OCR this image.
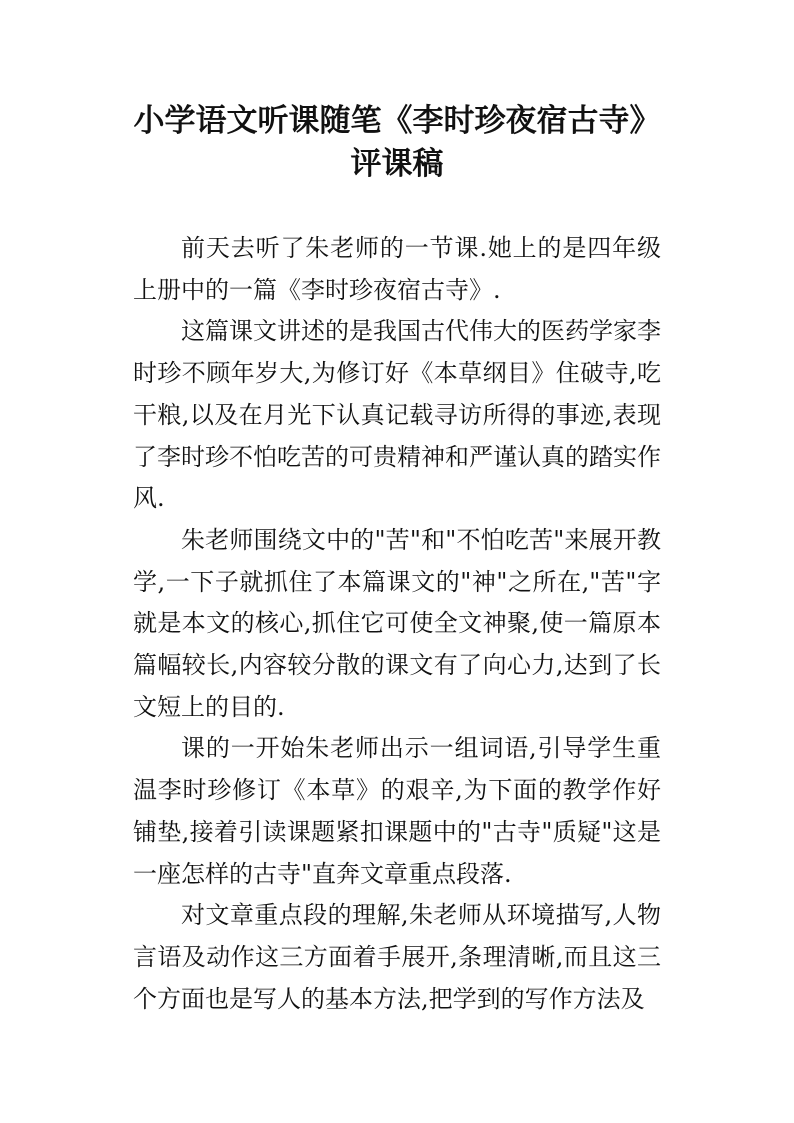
小学语文听课随笔《李时珍夜宿古寺》
评课稿

前天去听了朱老师的一节课.她上的是四年级上册中的一篇《李时珍夜宿古寺》.

这篇课文讲述的是我国古代伟大的医药学家李时珍不顾年岁大,为修订好《本草纲目》住破寺,吃干粮,以及在月光下认真记载寻访所得的事迹,表现了李时珍不怕吃苦的可贵精神和严谨认真的踏实作风.

朱老师围绕文中的"苦"和"不怕吃苦"来展开教学,一下子就抓住了本篇课文的"神"之所在,"苦"字就是本文的核心,抓住它可使全文神聚,使一篇原本篇幅较长,内容较分散的课文有了向心力,达到了长文短上的目的.

课的一开始朱老师出示一组词语,引导学生重温李时珍修订《本草》的艰辛,为下面的教学作好铺垫,接着引读课题紧扣课题中的"古寺"质疑"这是一座怎样的古寺"直奔文章重点段落.

对文章重点段的理解,朱老师从环境描写,人物言语及动作这三方面着手展开,条理清晰,而且这三个方面也是写人的基本方法,把学到的写作方法及
